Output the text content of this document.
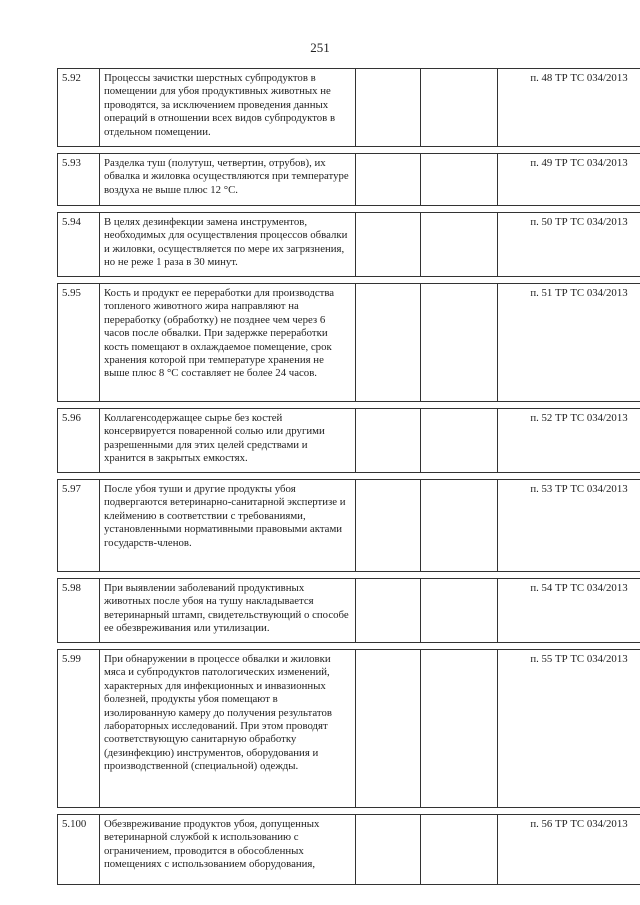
251
5.92	Процессы зачистки шерстных субпродуктов в помещении для убоя продуктивных животных не проводятся, за исключением проведения данных операций в отношении всех видов субпродуктов в отдельном помещении.			п. 48 ТР ТС 034/2013

5.93	Разделка туш (полутуш, четвертин, отрубов), их обвалка и жиловка осуществляются при температуре воздуха не выше плюс 12 °С.			п. 49 ТР ТС 034/2013

5.94	В целях дезинфекции замена инструментов, необходимых для осуществления процессов обвалки и жиловки, осуществляется по мере их загрязнения, но не реже 1 раза в 30 минут.			п. 50 ТР ТС 034/2013

5.95	Кость и продукт ее переработки для производства топленого животного жира направляют на переработку (обработку) не позднее чем через 6 часов после обвалки. При задержке переработки кость помещают в охлаждаемое помещение, срок хранения которой при температуре хранения не выше плюс 8 °С составляет не более 24 часов.			п. 51 ТР ТС 034/2013

5.96	Коллагенсодержащее сырье без костей консервируется поваренной солью или другими разрешенными для этих целей средствами и хранится в закрытых емкостях.			п. 52 ТР ТС 034/2013

5.97	После убоя туши и другие продукты убоя подвергаются ветеринарно-санитарной экспертизе и клеймению в соответствии с требованиями, установленными нормативными правовыми актами государств-членов.			п. 53 ТР ТС 034/2013

5.98	При выявлении заболеваний продуктивных животных после убоя на тушу накладывается ветеринарный штамп, свидетельствующий о способе ее обезвреживания или утилизации.			п. 54 ТР ТС 034/2013

5.99	При обнаружении в процессе обвалки и жиловки мяса и субпродуктов патологических изменений, характерных для инфекционных и инвазионных болезней, продукты убоя помещают в изолированную камеру до получения результатов лабораторных исследований. При этом проводят соответствующую санитарную обработку (дезинфекцию) инструментов, оборудования и производственной (специальной) одежды.			п. 55 ТР ТС 034/2013

5.100	Обезвреживание продуктов убоя, допущенных ветеринарной службой к использованию с ограничением, проводится в обособленных помещениях с использованием оборудования,			п. 56 ТР ТС 034/2013
